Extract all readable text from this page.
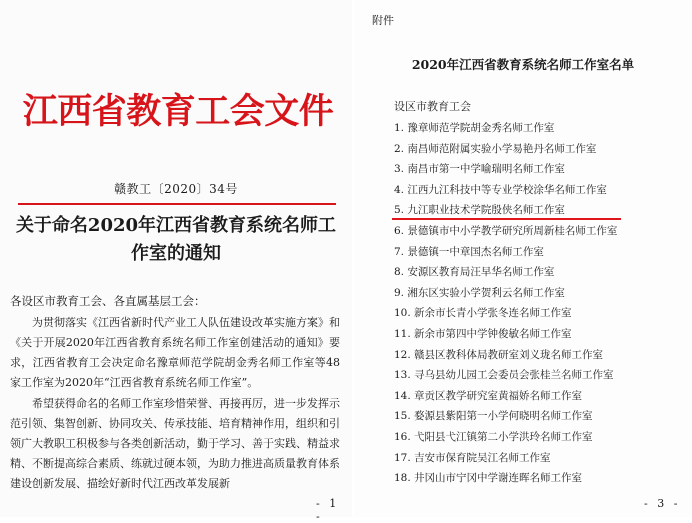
江西省教育工会文件
赣教工〔2020〕34号
关于命名2020年江西省教育系统名师工作室的通知
各设区市教育工会、各直属基层工会：
为贯彻落实《江西省新时代产业工人队伍建设改革实施方案》和《关于开展2020年江西省教育系统名师工作室创建活动的通知》要求，江西省教育工会决定命名豫章师范学院胡金秀名师工作室等48家工作室为2020年“江西省教育系统名师工作室”。
希望获得命名的名师工作室珍惜荣誉、再接再厉，进一步发挥示范引领、集智创新、协同攻关、传承技能、培育精神作用，组织和引领广大教职工积极参与各类创新活动，勤于学习、善于实践、精益求精、不断提高综合素质、练就过硬本领，为助力推进高质量教育体系建设创新发展、描绘好新时代江西改革发展新
- 1 -
附件
2020年江西省教育系统名师工作室名单
设区市教育工会
1. 豫章师范学院胡金秀名师工作室
2. 南昌师范附属实验小学易艳丹名师工作室
3. 南昌市第一中学喻瑞明名师工作室
4. 江西九江科技中等专业学校涂华名师工作室
5. 九江职业技术学院殷侠名师工作室
6. 景德镇市中小学教学研究所周新桂名师工作室
7. 景德镇一中章国杰名师工作室
8. 安源区教育局汪早华名师工作室
9. 湘东区实验小学贺利云名师工作室
10. 新余市长青小学张冬连名师工作室
11. 新余市第四中学钟俊敏名师工作室
12. 赣县区教科体局教研室刘义珑名师工作室
13. 寻乌县幼儿园工会委员会张桂兰名师工作室
14. 章贡区教学研究室黄福娇名师工作室
15. 婺源县紫阳第一小学何晓明名师工作室
16. 弋阳县弋江镇第二小学洪玲名师工作室
17. 吉安市保育院吴江名师工作室
18. 井冈山市宁冈中学谢连晖名师工作室
- 3 -
